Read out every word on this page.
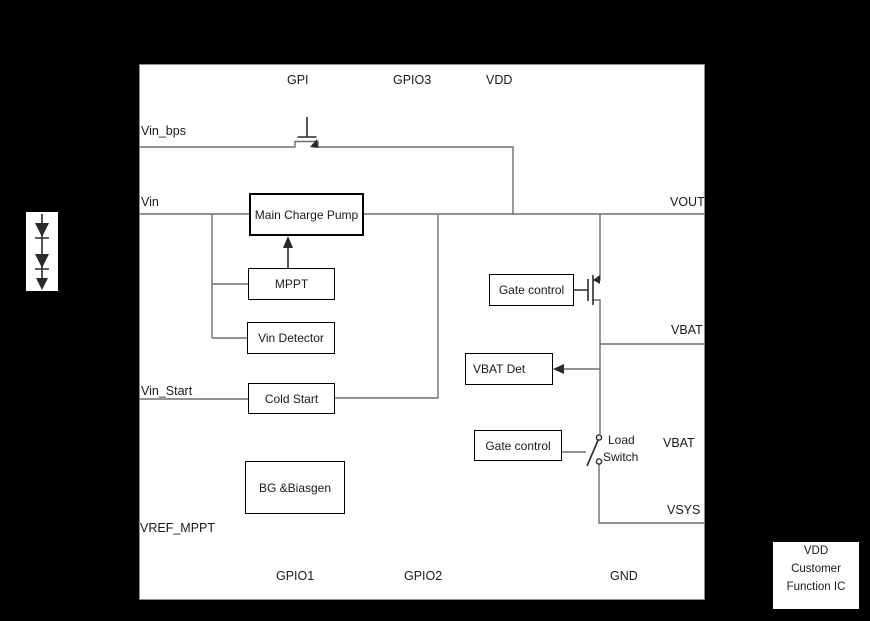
Main Charge Pump
MPPT
Vin Detector
Cold Start
BG &Biasgen
Gate control
VBAT Det
Gate control
GPI	GPIO3	VDD
Vin_bps
Vin
Vin_Start
VREF_MPPT
VOUT
VBAT
VBAT
VSYS
GPIO1	GPIO2	GND
Load
Switch
VDD
Customer
Function IC
